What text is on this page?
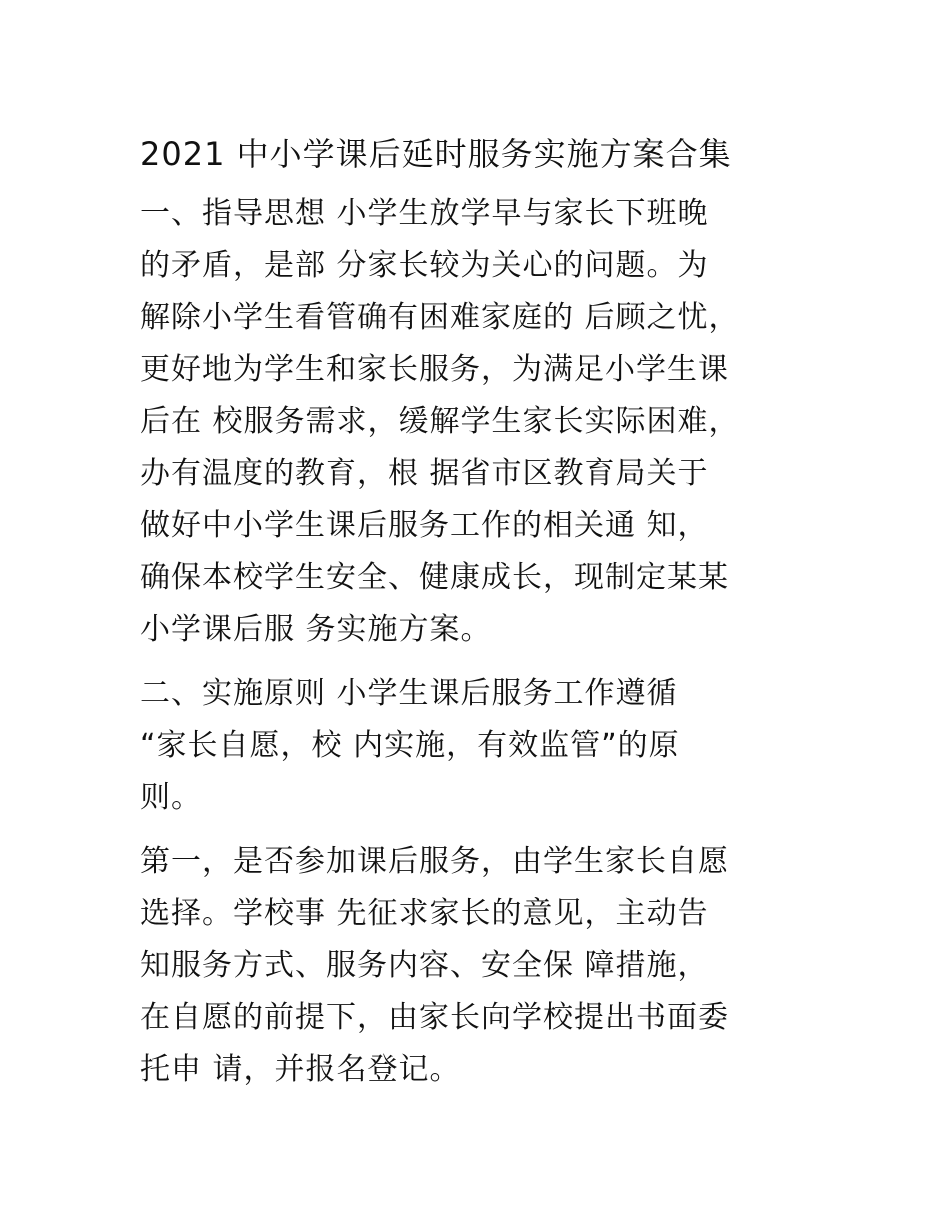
2021 中小学课后延时服务实施方案合集
一、指导思想 小学生放学早与家长下班晚
的矛盾，是部 分家长较为关心的问题。为
解除小学生看管确有困难家庭的 后顾之忧，
更好地为学生和家长服务，为满足小学生课
后在 校服务需求，缓解学生家长实际困难，
办有温度的教育，根 据省市区教育局关于
做好中小学生课后服务工作的相关通 知，
确保本校学生安全、健康成长，现制定某某
小学课后服 务实施方案。
二、实施原则 小学生课后服务工作遵循
“家长自愿，校 内实施，有效监管”的原
则。
第一，是否参加课后服务，由学生家长自愿
选择。学校事 先征求家长的意见，主动告
知服务方式、服务内容、安全保 障措施，
在自愿的前提下，由家长向学校提出书面委
托申 请，并报名登记。
